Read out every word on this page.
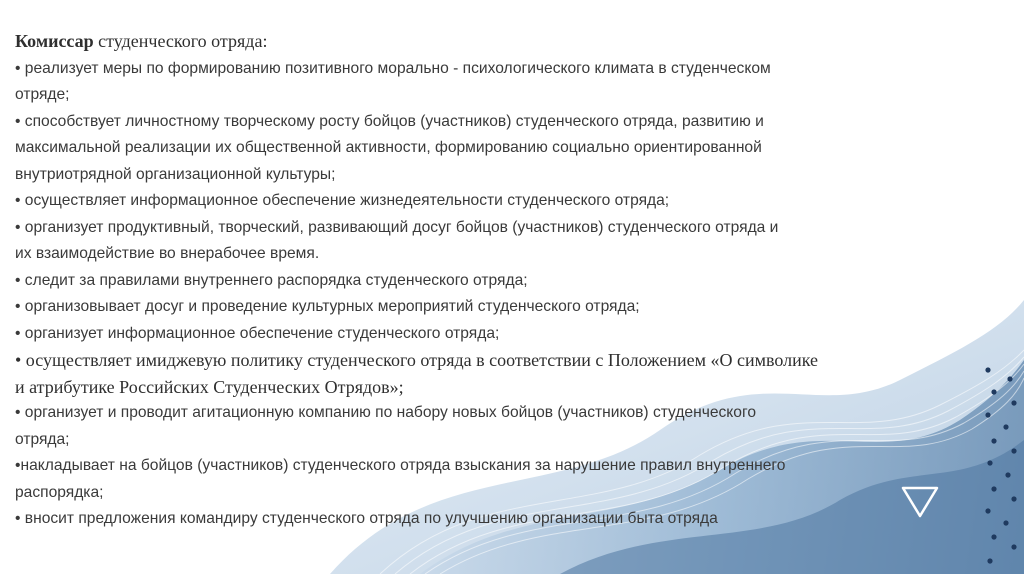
Комиссар студенческого отряда:
• реализует меры по формированию позитивного морально - психологического климата в студенческом
отряде;
• способствует личностному творческому росту бойцов (участников) студенческого отряда, развитию и
максимальной реализации их общественной активности, формированию социально ориентированной
внутриотрядной организационной культуры;
• осуществляет информационное обеспечение жизнедеятельности студенческого отряда;
• организует продуктивный, творческий, развивающий досуг бойцов (участников) студенческого отряда и
их взаимодействие во внерабочее время.
• следит за правилами внутреннего распорядка студенческого отряда;
• организовывает досуг и проведение культурных мероприятий студенческого отряда;
• организует информационное обеспечение студенческого отряда;
• осуществляет имиджевую политику студенческого отряда в соответствии с Положением «О символике
и атрибутике Российских Студенческих Отрядов»;
• организует и проводит агитационную компанию по набору новых бойцов (участников) студенческого
отряда;
•накладывает на бойцов (участников) студенческого отряда взыскания за нарушение правил внутреннего
распорядка;
• вносит предложения командиру студенческого отряда по улучшению организации быта отряда
